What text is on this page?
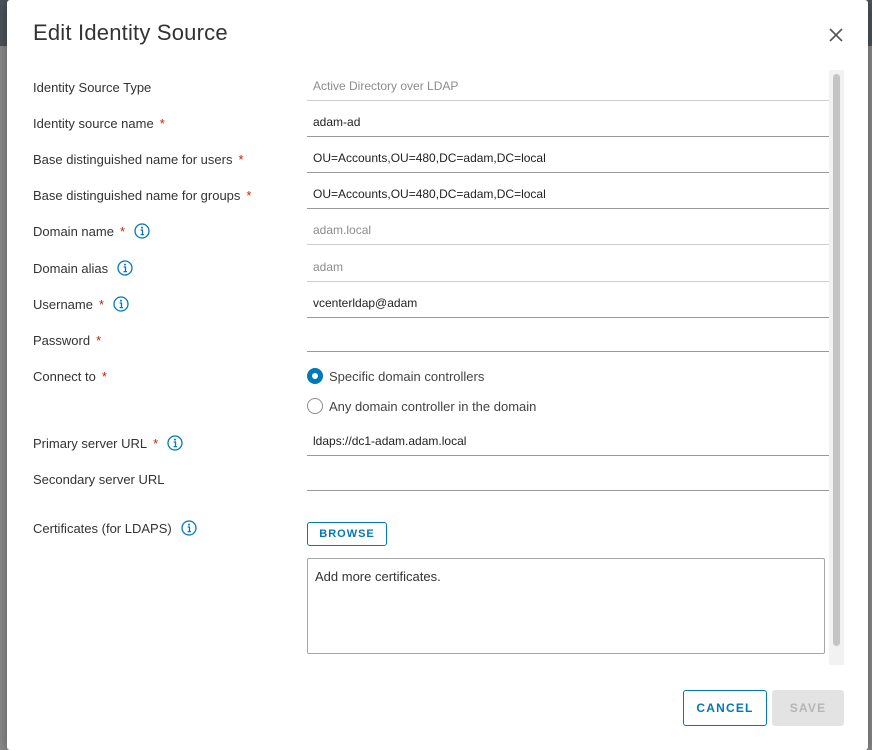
Edit Identity Source
Identity Source Type	Active Directory over LDAP
Identity source name *	adam-ad
Base distinguished name for users *	OU=Accounts,OU=480,DC=adam,DC=local
Base distinguished name for groups *	OU=Accounts,OU=480,DC=adam,DC=local
Domain name *	adam.local
Domain alias	adam
Username *	vcenterldap@adam
Password *
Connect to *	Specific domain controllers
Any domain controller in the domain
Primary server URL *	ldaps://dc1-adam.adam.local
Secondary server URL
Certificates (for LDAPS)	BROWSE
Add more certificates.
CANCEL	SAVE
